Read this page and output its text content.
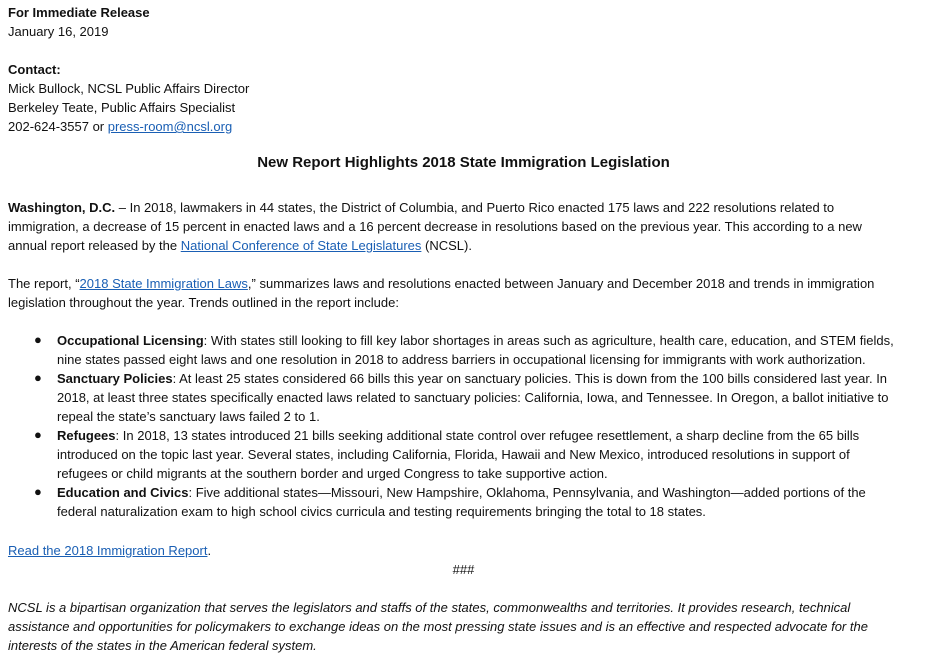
For Immediate Release
January 16, 2019
Contact:
Mick Bullock, NCSL Public Affairs Director
Berkeley Teate, Public Affairs Specialist
202-624-3557 or press-room@ncsl.org
New Report Highlights 2018 State Immigration Legislation
Washington, D.C. – In 2018, lawmakers in 44 states, the District of Columbia, and Puerto Rico enacted 175 laws and 222 resolutions related to
immigration, a decrease of 15 percent in enacted laws and a 16 percent decrease in resolutions based on the previous year. This according to a new
annual report released by the National Conference of State Legislatures (NCSL).
The report, “2018 State Immigration Laws,” summarizes laws and resolutions enacted between January and December 2018 and trends in immigration
legislation throughout the year. Trends outlined in the report include:
● Occupational Licensing: With states still looking to fill key labor shortages in areas such as agriculture, health care, education, and STEM fields,
nine states passed eight laws and one resolution in 2018 to address barriers in occupational licensing for immigrants with work authorization.
● Sanctuary Policies: At least 25 states considered 66 bills this year on sanctuary policies. This is down from the 100 bills considered last year. In
2018, at least three states specifically enacted laws related to sanctuary policies: California, Iowa, and Tennessee. In Oregon, a ballot initiative to
repeal the state’s sanctuary laws failed 2 to 1.
● Refugees: In 2018, 13 states introduced 21 bills seeking additional state control over refugee resettlement, a sharp decline from the 65 bills
introduced on the topic last year. Several states, including California, Florida, Hawaii and New Mexico, introduced resolutions in support of
refugees or child migrants at the southern border and urged Congress to take supportive action.
● Education and Civics: Five additional states—Missouri, New Hampshire, Oklahoma, Pennsylvania, and Washington—added portions of the
federal naturalization exam to high school civics curricula and testing requirements bringing the total to 18 states.
Read the 2018 Immigration Report.
###
NCSL is a bipartisan organization that serves the legislators and staffs of the states, commonwealths and territories. It provides research, technical
assistance and opportunities for policymakers to exchange ideas on the most pressing state issues and is an effective and respected advocate for the
interests of the states in the American federal system.
